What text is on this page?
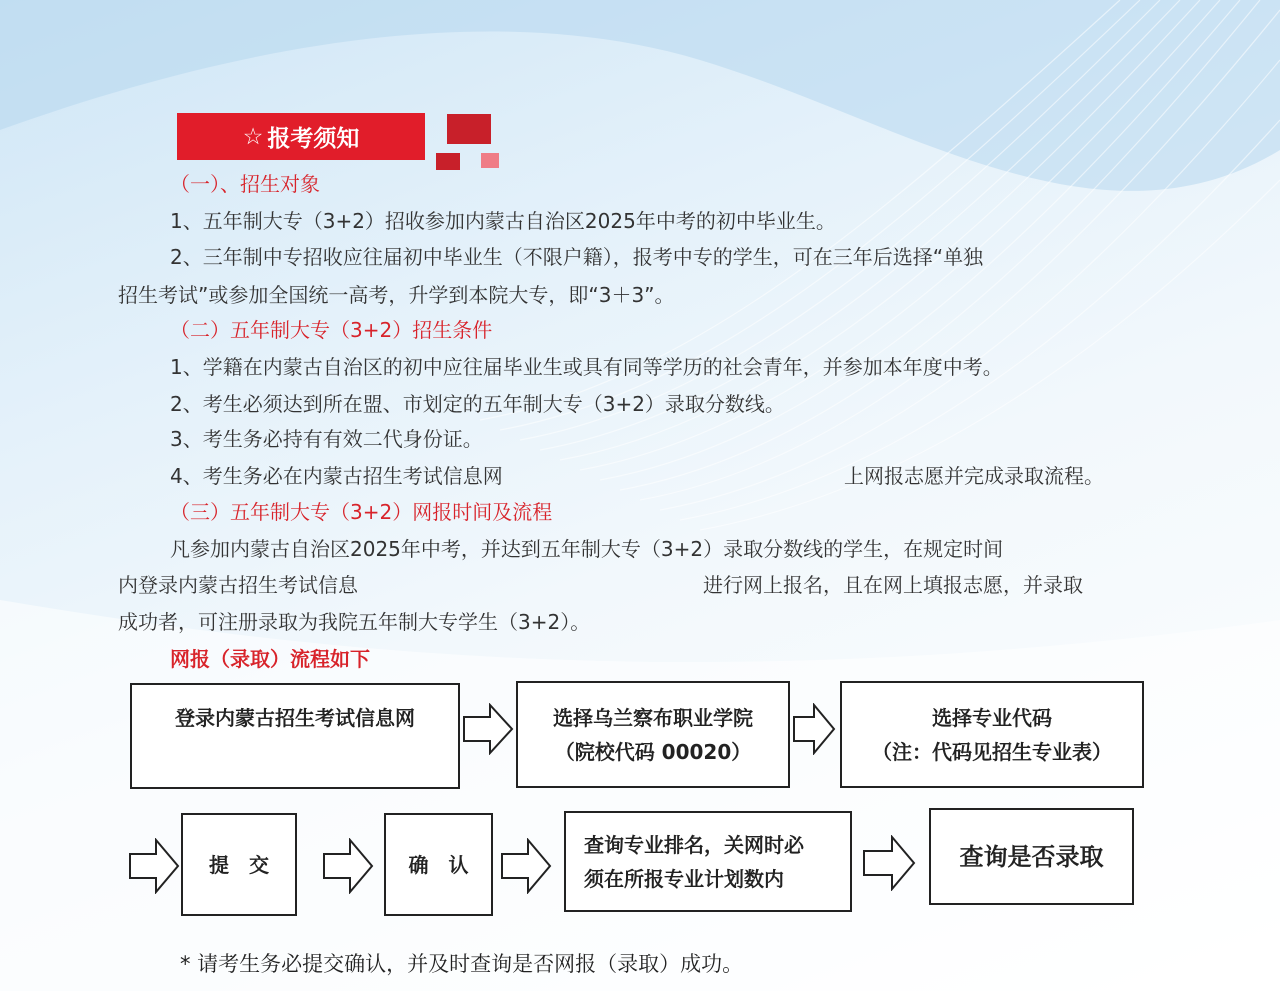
☆ 报考须知
（一）、招生对象
1、五年制大专（3+2）招收参加内蒙古自治区2025年中考的初中毕业生。
2、三年制中专招收应往届初中毕业生（不限户籍），报考中专的学生，可在三年后选择“单独
招生考试”或参加全国统一高考，升学到本院大专，即“3＋3”。
（二）五年制大专（3+2）招生条件
1、学籍在内蒙古自治区的初中应往届毕业生或具有同等学历的社会青年，并参加本年度中考。
2、考生必须达到所在盟、市划定的五年制大专（3+2）录取分数线。
3、考生务必持有有效二代身份证。
4、考生务必在内蒙古招生考试信息网	上网报志愿并完成录取流程。
（三）五年制大专（3+2）网报时间及流程
凡参加内蒙古自治区2025年中考，并达到五年制大专（3+2）录取分数线的学生，在规定时间
内登录内蒙古招生考试信息	进行网上报名，且在网上填报志愿，并录取
成功者，可注册录取为我院五年制大专学生（3+2）。
网报（录取）流程如下
登录内蒙古招生考试信息网	选择乌兰察布职业学院
（院校代码 00020）
选择专业代码
（注：代码见招生专业表）
提　交	确　认
查询专业排名，关网时必
须在所报专业计划数内
查询是否录取
* 请考生务必提交确认，并及时查询是否网报（录取）成功。
